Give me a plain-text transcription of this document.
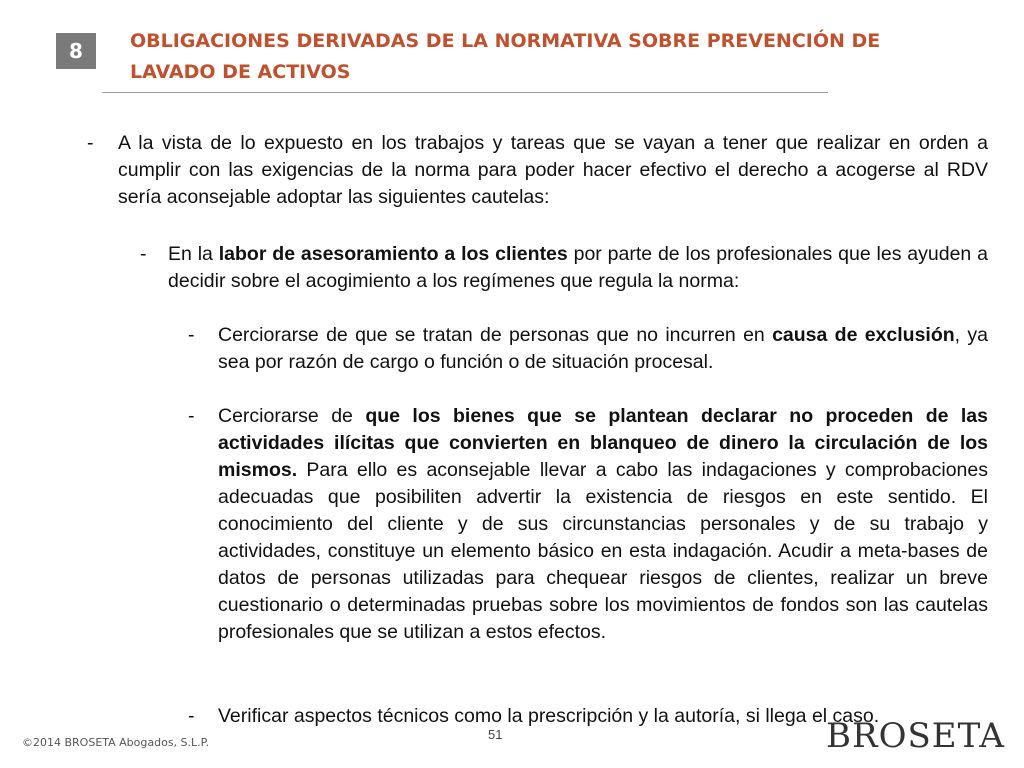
8	OBLIGACIONES DERIVADAS DE LA NORMATIVA SOBRE PREVENCIÓN DE
LAVADO DE ACTIVOS
- A la vista de lo expuesto en los trabajos y tareas que se vayan a tener que realizar en orden a cumplir con las exigencias de la norma para poder hacer efectivo el derecho a acogerse al RDV sería aconsejable adoptar las siguientes cautelas:
- En la labor de asesoramiento a los clientes por parte de los profesionales que les ayuden a decidir sobre el acogimiento a los regímenes que regula la norma:
- Cerciorarse de que se tratan de personas que no incurren en causa de exclusión, ya sea por razón de cargo o función o de situación procesal.
- Cerciorarse de que los bienes que se plantean declarar no proceden de las actividades ilícitas que convierten en blanqueo de dinero la circulación de los mismos. Para ello es aconsejable llevar a cabo las indagaciones y comprobaciones adecuadas que posibiliten advertir la existencia de riesgos en este sentido. El conocimiento del cliente y de sus circunstancias personales y de su trabajo y actividades, constituye un elemento básico en esta indagación. Acudir a meta-bases de datos de personas utilizadas para chequear riesgos de clientes, realizar un breve cuestionario o determinadas pruebas sobre los movimientos de fondos son las cautelas profesionales que se utilizan a estos efectos.
- Verificar aspectos técnicos como la prescripción y la autoría, si llega el caso.
©2014 BROSETA Abogados, S.L.P.
51	BROSETA
